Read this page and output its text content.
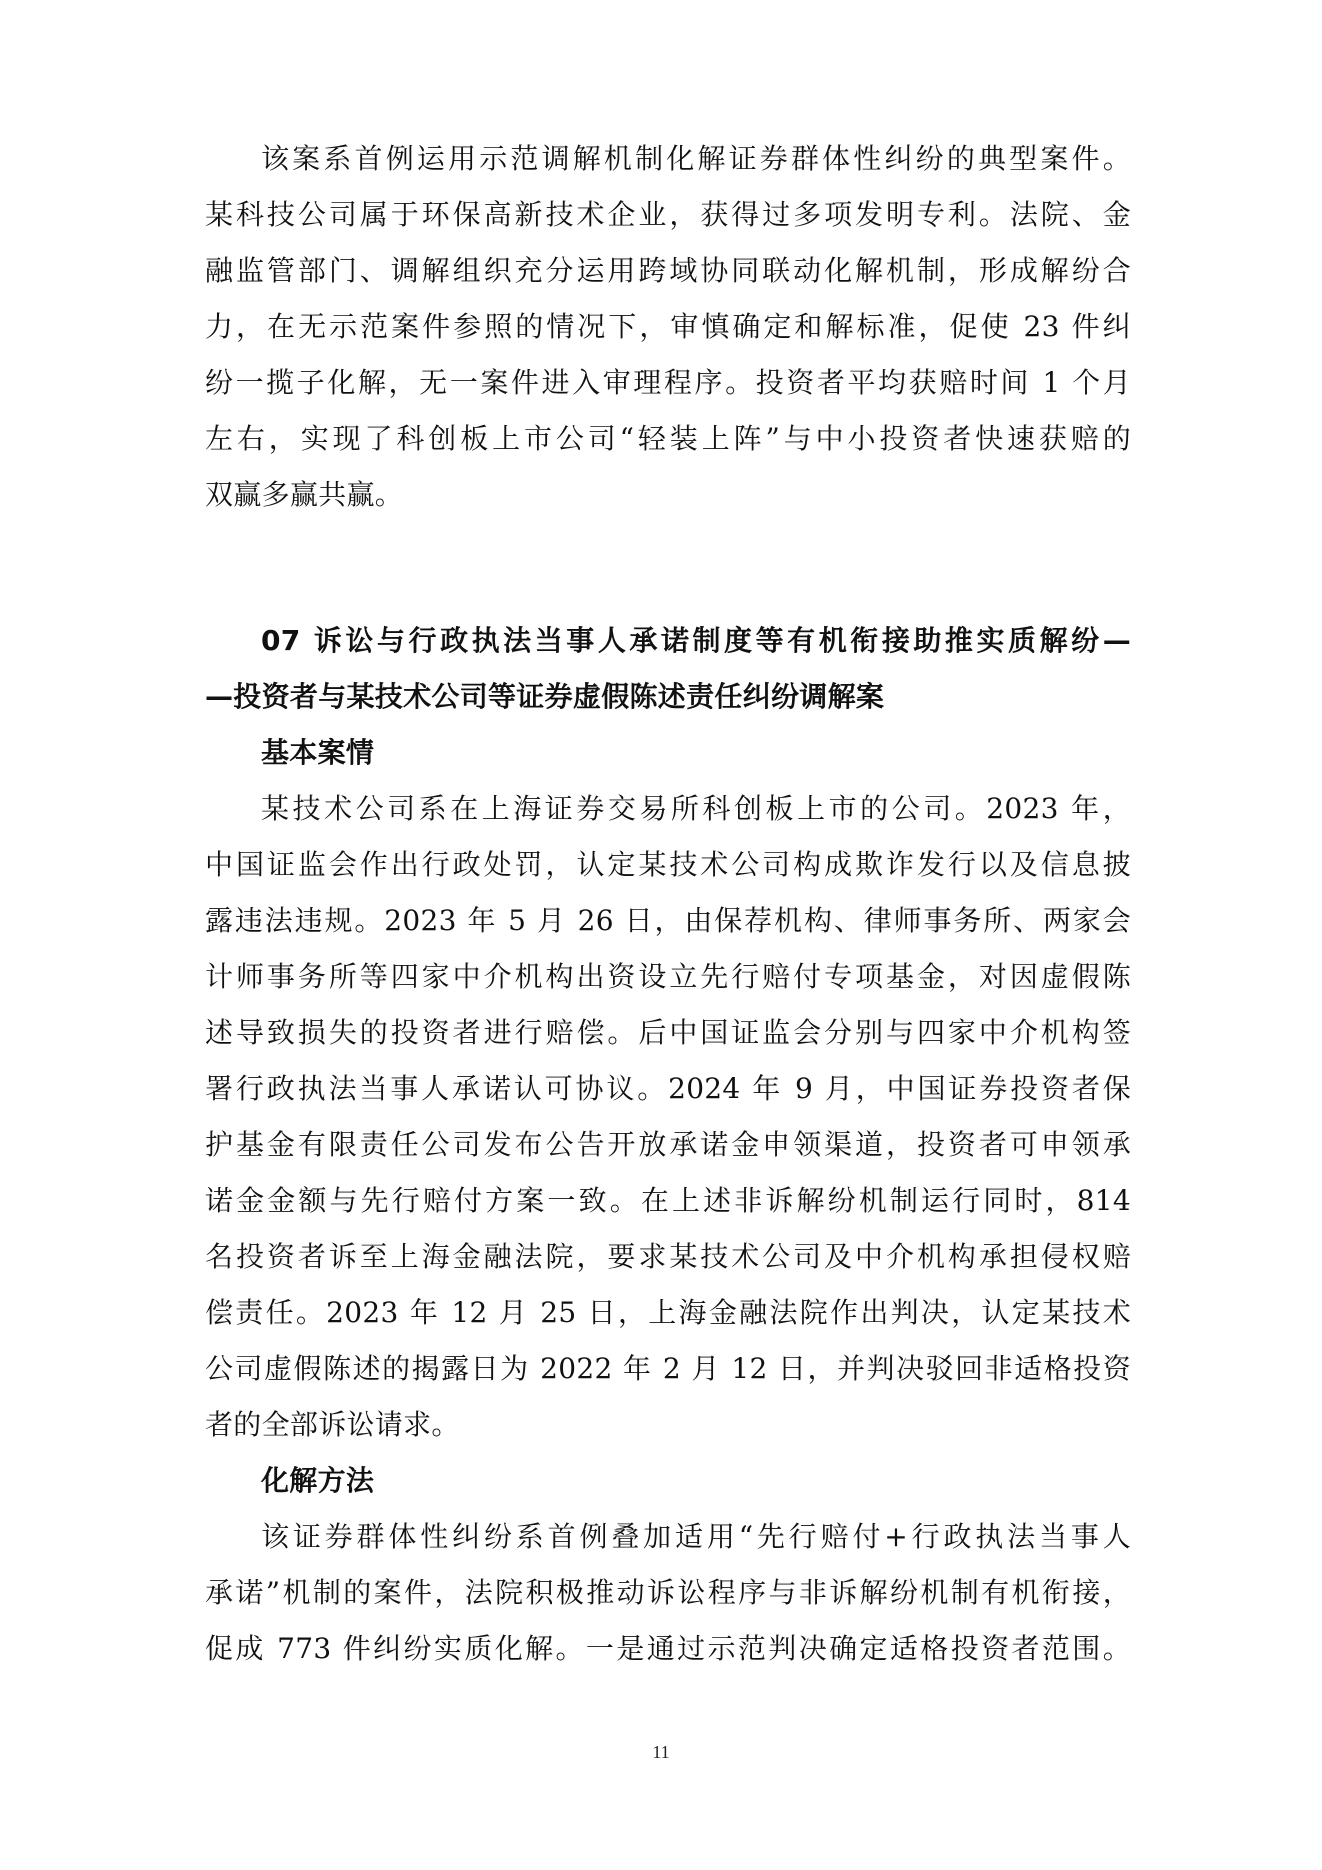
该案系首例运用示范调解机制化解证券群体性纠纷的典型案件。
某科技公司属于环保高新技术企业，获得过多项发明专利。法院、金
融监管部门、调解组织充分运用跨域协同联动化解机制，形成解纷合
力，在无示范案件参照的情况下，审慎确定和解标准，促使 23 件纠
纷一揽子化解，无一案件进入审理程序。投资者平均获赔时间 1 个月
左右，实现了科创板上市公司“轻装上阵”与中小投资者快速获赔的
双赢多赢共赢。
07 诉讼与行政执法当事人承诺制度等有机衔接助推实质解纷—
—投资者与某技术公司等证券虚假陈述责任纠纷调解案
基本案情
某技术公司系在上海证券交易所科创板上市的公司。2023 年，
中国证监会作出行政处罚，认定某技术公司构成欺诈发行以及信息披
露违法违规。2023 年 5 月 26 日，由保荐机构、律师事务所、两家会
计师事务所等四家中介机构出资设立先行赔付专项基金，对因虚假陈
述导致损失的投资者进行赔偿。后中国证监会分别与四家中介机构签
署行政执法当事人承诺认可协议。2024 年 9 月，中国证券投资者保
护基金有限责任公司发布公告开放承诺金申领渠道，投资者可申领承
诺金金额与先行赔付方案一致。在上述非诉解纷机制运行同时，814
名投资者诉至上海金融法院，要求某技术公司及中介机构承担侵权赔
偿责任。2023 年 12 月 25 日，上海金融法院作出判决，认定某技术
公司虚假陈述的揭露日为 2022 年 2 月 12 日，并判决驳回非适格投资
者的全部诉讼请求。
化解方法
该证券群体性纠纷系首例叠加适用“先行赔付+行政执法当事人
承诺”机制的案件，法院积极推动诉讼程序与非诉解纷机制有机衔接，
促成 773 件纠纷实质化解。一是通过示范判决确定适格投资者范围。
11
